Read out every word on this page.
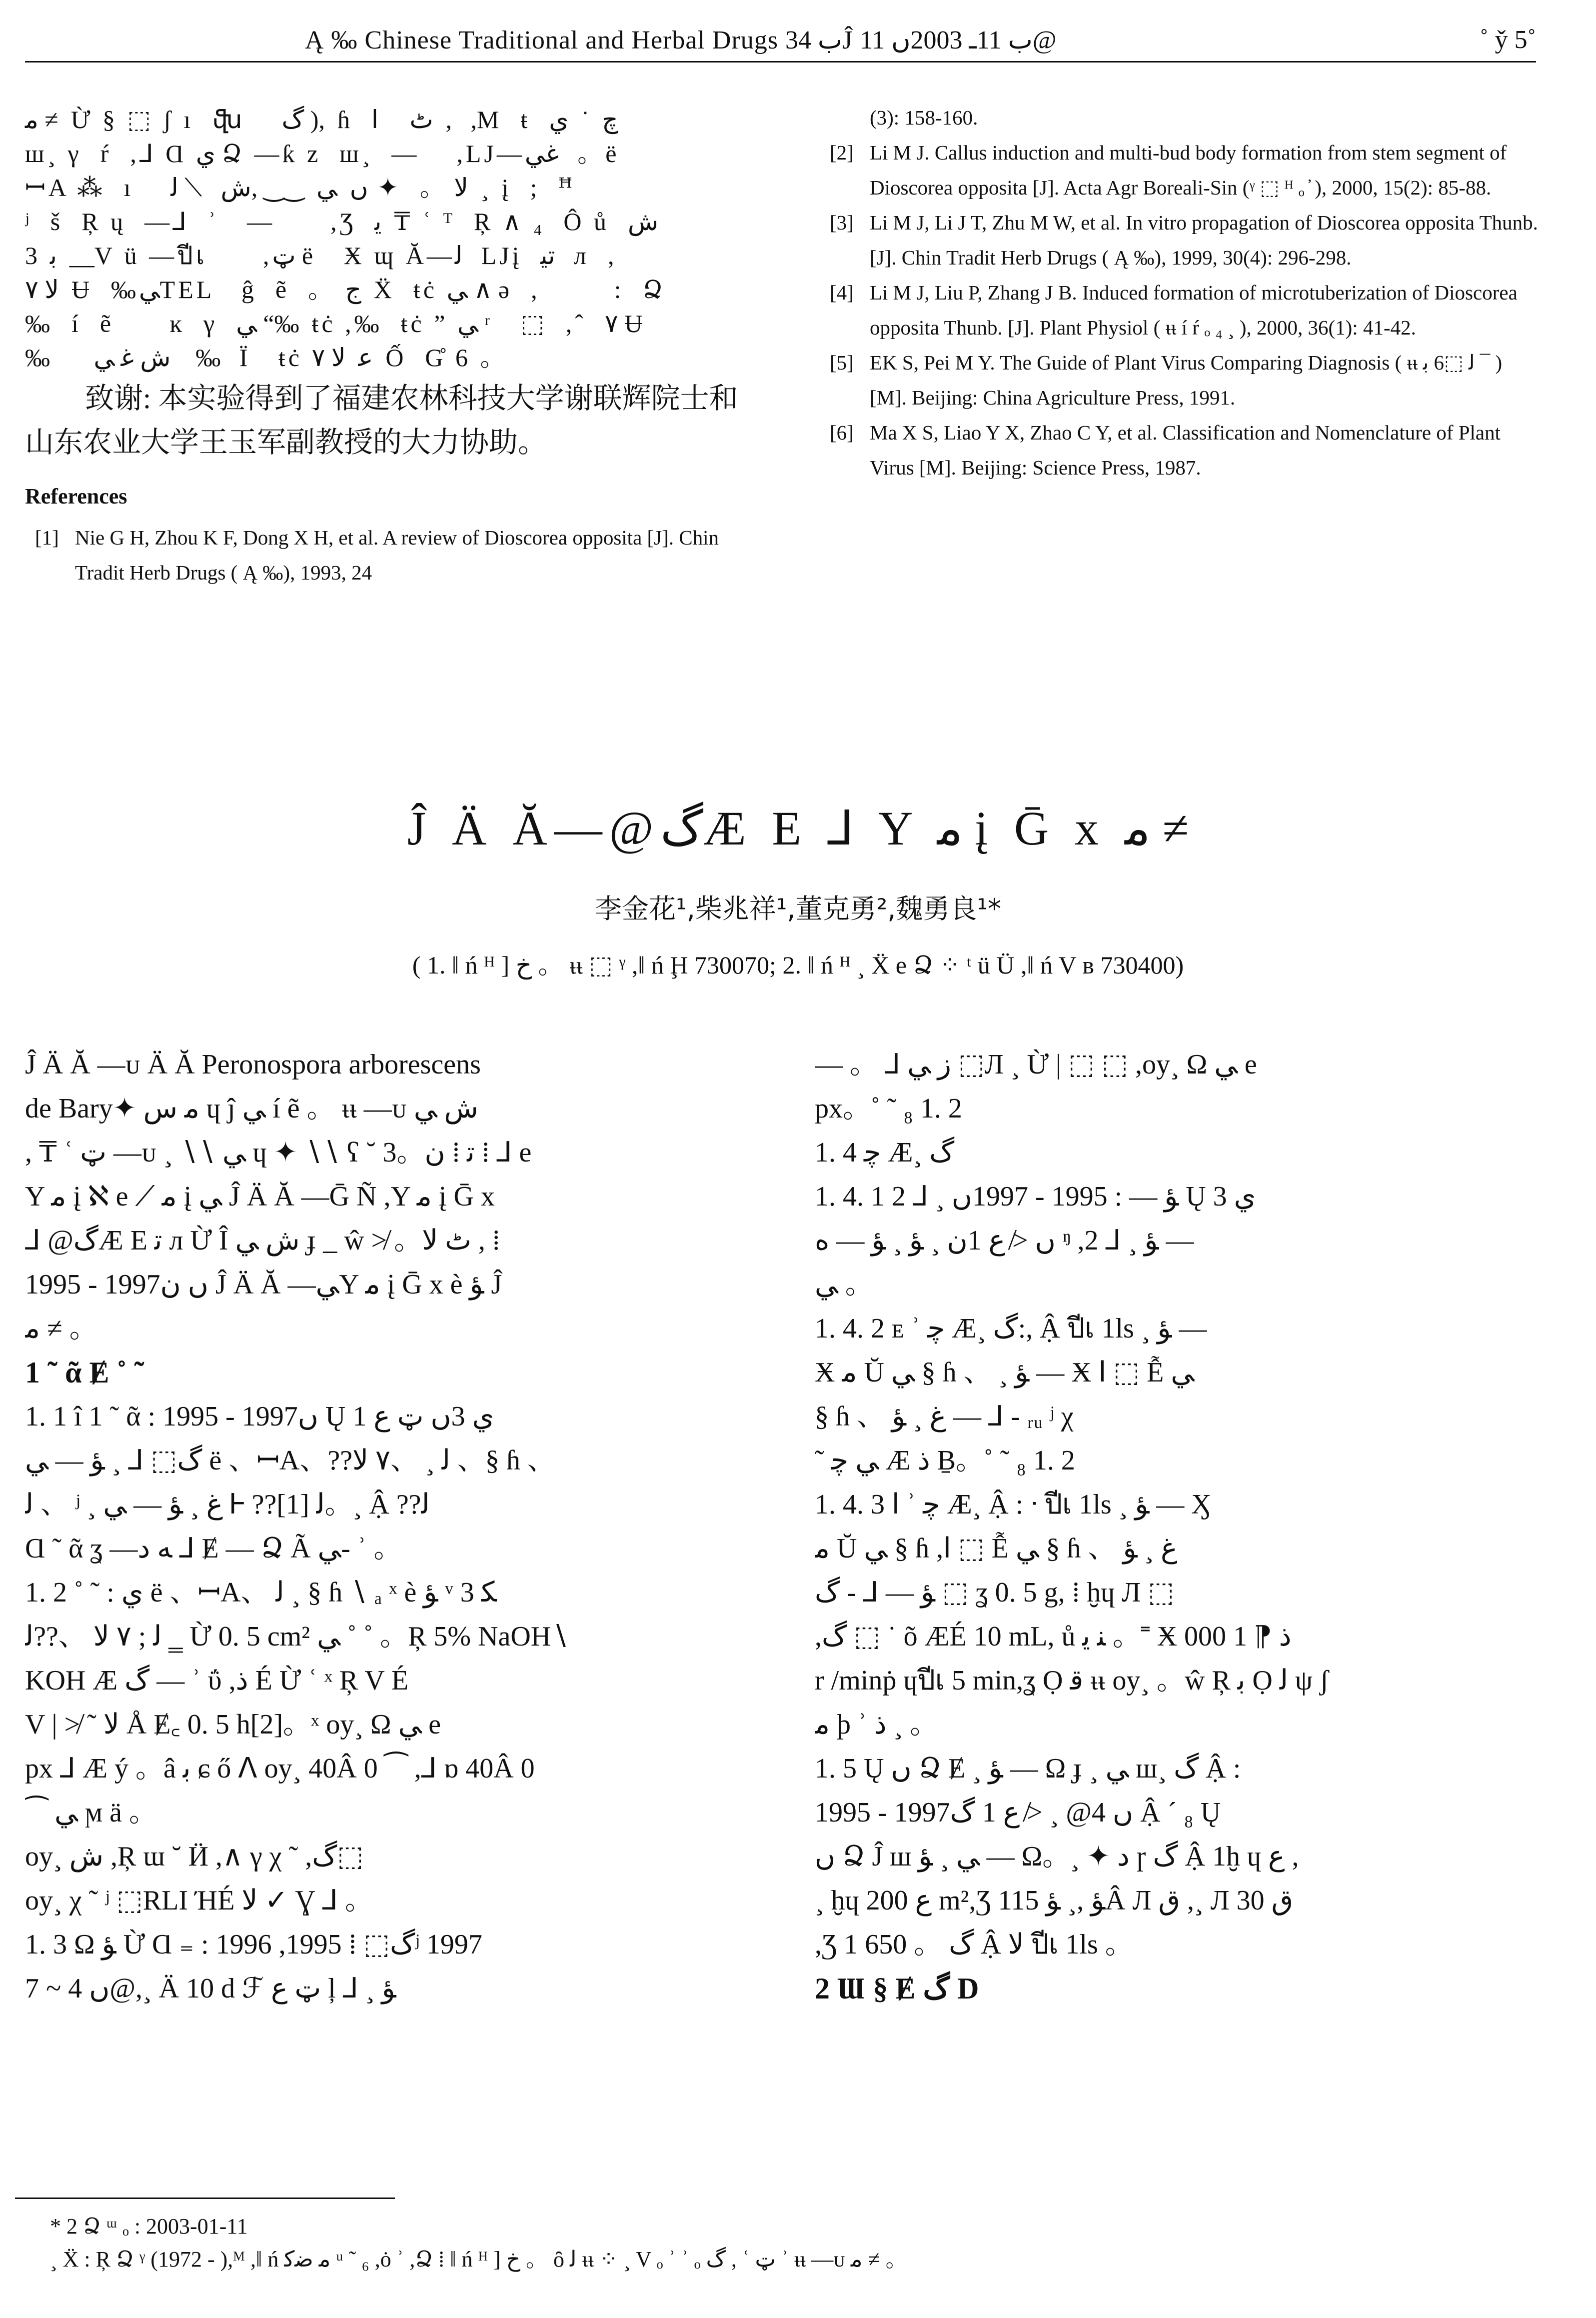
Ą ‰ Chinese Traditional and Herbal Drugs ب 34Ĵ ب 11ـ 2003ں 11@	˚ y̌ 5˚
ﻣ ≠  Ừ § ⬚ ʃ ı  ﬖ    گ ),  ɦ  ٹ     ا  ,   ,M  ŧ  چ  ˙  ي
ш¸ γ  ŕ  ,⅃ Ɑ ي Ձ —ƙ z  ш¸  —    ,LJ—ﻏﻲ   。ë
ꟷA ⁂  ı    ﻻ 。  ✦ ں  ﻲ  ‿‿ ,ﺵ   ⟋ ﻟ  ¸  į  ;  ꟸ
ʲ  š  Ŗ ų  —⅃  ʾ   —      ,Ʒ  ﻳ  ₸  ʿ  ᵀ  Ŗ ∧ ₄  Ô ů  ﺵ
3  ﺑ  __V ü —ปีเ      ,ټ ë   Ӿ ɰ Ă—ﻟ   LJį  ﺗﻴ   л  ,
ﻻ ٧  Ʉ  ‰ﻲTEL   ĝ  ẽ  。 ﺝ  Ẍ  ŧċ ﻲ ∧ ə  ,        :  Ձ
‰  í  ẽ      ĸ  γ  ﻲ “‰  ŧċ ,‰  ŧċ ” ﻲ ʳ   ⬚  ,ˆ  ٧ Ʉ
‰       ﺵ ﻏ ﻲ    ‰   Ï   ŧċ ﻋ  ﻻ ٧  Ố  G̊ 6 。
致谢: 本实验得到了福建农林科技大学谢联辉院士和山东农业大学王玉军副教授的大力协助。
References
[1] Nie G H, Zhou K F, Dong X H, et al. A review of Dioscorea opposita [J]. Chin Tradit Herb Drugs ( Ą ‰), 1993, 24
(3): 158-160.
[2] Li M J. Callus induction and multi-bud body formation from stem segment of Dioscorea opposita [J]. Acta Agr Boreali-Sin (ᵞ ⬚ ᴴ ₒ ̓ ), 2000, 15(2): 85-88.
[3] Li M J, Li J T, Zhu M W, et al. In vitro propagation of Dioscorea opposita Thunb. [J]. Chin Tradit Herb Drugs ( Ą ‰), 1999, 30(4): 296-298.
[4] Li M J, Liu P, Zhang J B. Induced formation of microtuberization of Dioscorea opposita Thunb. [J]. Plant Physiol ( ᵼᵼ í ŕ ₒ ₄ ¸ ), 2000, 36(1): 41-42.
[5] EK S, Pei M Y. The Guide of Plant Virus Comparing Diagnosis ( ᵼᵼ ﻟ ⬚6 ﺑ ¯ ) [M]. Beijing: China Agriculture Press, 1991.
[6] Ma X S, Liao Y X, Zhao C Y, et al. Classification and Nomenclature of Plant Virus [M]. Beijing: Science Press, 1987.
Ĵ Ä Ă—@گÆ E ⅃ Y ﻣ į Ḡ x ﻣ ≠
李金花¹,柴兆祥¹,董克勇²,魏勇良¹*
( 1. ǁ ń ᴴ ] ﺥ 。 ᵼᵼ ⬚ ᵞ ,ǁ ń Ḩ 730070; 2. ǁ ń ᴴ ¸ Ẍ e Ձ ⁘ ᵗ ü Ü ,ǁ ń V ʙ 730400)
Ĵ Ä Ă —ᴜ Ä Ă Peronospora arborescens
de Bary✦ ﻣ ﺱ ɥ ĵ ﻲ í ẽ 。 ᵼᵼ —ᴜ ﺵ ﻲ
, ₸ ʿ ټ —ᴜ ¸ ∖∖ ﻲ ɥ ✦ ∖∖ ʕ ˘ 3。ﺗ ⁞ ﻥ ⁞ ⅃ e
Y ﻣ į ℵ e ⟋ ﻣ į ﻲ Ĵ Ä Ă —Ḡ Ñ ,Y ﻣ į Ḡ x
⅃ @گÆ E ﺗ л Ừ Î ﺵ ﻲ ɟ _ ŵ ≯ 。ٹ ﻻ , ⁞
1995 - 1997ں ﻥ Ĵ Ä Ă —ﻲY ﻣ į Ḡ x è ﺆ Ĵ
ﻣ ≠ 。
1 ˜ ᾶ Ɇ ˚ ˜
1. 1 î 1 ˜ ᾶ : 1995 - 1997ں Ų ﻱ 3ں ټ ﻉ 1
گ⬚ ⅃ ¸ ﺆ — ﻲ ë 、ꟷA、??ﻟ ¸ 、٧ ﻻ 、§ ɦ 、
ﻟ 、 ʲ ¸ ﻍ ¸ ﺆ — ﻲ Ꮀ ??ﻟ [1]。¸ Ậ ??ﻟ
Ɑ ˜ ᾶ ʓ —ﻪ ﺩ ⅃ Ɇ — Ձ Ã ﻲ- ʾ 。
1. 2 ˚ ˜ : ﻱ ë 、ꟷA、 ﻟ ¸ § ɦ ∖ ₐ ˣ è ﺆ ᵛ 3 ﻜ
ﻟ ; ٧ ﻻ 、??ﻟ ‗ Ừ 0. 5 cm² ﻲ ˚ ˚ 。Ŗ 5% NaOH∖
KOH Æ گ — ʾ ΰ ,ﺫ É Ừ ʿ ˣ Ŗ V É
V | ≯ ˜ ﻻ Å Ɇ꜀ 0. 5 h[2]。ˣ oy¸ Ω ﻲ e
px ⅃ Æ ý 。â ﺑ ɕ ő ᐱ oy¸ 40Â 0 ⁀ ,⅃ ɒ 40Â 0
⁀ ﻲ ϻ ä 。
oy¸ ﺵ ,Ŗ ɯ ˘ Ӥ ,∧ γ χ ˜ ,گ⬚
oy¸ χ ˜ ʲ ⬚RLI ΉÉ ﻻ ✓ Ɣ ⅃ 。
1. 3 Ω ﺆ Ừ Ɑ ₌ : گ⬚ ⁞ 1995, 1996ʲ 1997
ں 4 ~ 7@,¸ Ä 10 d ℱ ټ ﻉ ļ ⅃ ¸ ﺆ
— 。 ⅃ ﺯ ﻲ ⬚Л ¸ Ừ | ⬚ ⬚ ,oy¸ Ω ﻲ e
px。˚ ˜ ₈ 1. 2
1. 4 ﭼ Æ¸ گ
1. 4. 1 2 ⅃ ¸ ﺆ — : 1995 - 1997ں Ų ﻱ 3
ں ≯ ﻉ 1ﻥ ¸ ﺆ ¸ ﺆ — ﻩ ᵑ ,2 ⅃ ¸ ﺆ —
ﻲ 。
1. 4. 2 ᴇ ʾ ﭼ Æ¸ گ:, Ậ ปีเ 1ls ¸ ﺆ —
Ӿ ﻣ Ŭ ﻲ § ɦ 、 ¸ ﺆ — Ӿ ا ⬚ Ễ ﻲ
§ ɦ 、 ﻍ ¸ ﺆ — ⅃ - ᵣᵤ ʲ χ
˜ ﻲ ﭼ Æ ﺫ Ḇ。˚ ˜ ₈ 1. 2
1. 4. 3 ا ʾ ﭼ Æ¸ Ậ : ᐧ ปีเ 1ls ¸ ﺆ — Ӽ
ﻣ Ŭ ﻲ § ɦ ,ا ⬚ Ễ ﻲ § ɦ 、 ﻍ ¸ ﺆ
ﺆ — ⅃ - گ ⬚ ʓ 0. 5 g, ⁞ ḫɥ Л ⬚
,گ ⬚ ˙ õ ÆÉ 10 mL, ů ﻨ ﻳ 。˭ Ӿ ﺫ ⁋ 1 000
r /minṗ ɥปีเ 5 min,ʓ Ọ ﻗ ᵼᵼ oy¸ 。ŵ Ŗ ﺑ Ọ ﻟ ψ ʃ
ﻣ þ ʾ ﺫ ¸ 。
1. 5 Ų ں Ձ Ɇ ¸ ﺆ — Ω ɟ ¸ ﻲ ш¸ گ Ậ :
1995 - 1997ں 4@ ¸ ≯ ﻉ 1 گ Ậ ´ ₈ Ų
ں Ձ Ĵ ш ﻲ ¸ ﺆ — Ω。¸ ✦ ﺩ ɼ گ Ậ 1ḫ ɥ ﻉ ,
¸ ḫɥ ﻉ 200 m²,Ʒ 11ﺆ ,¸ ﺆ 5Â Л ﻕ ,¸ Л ﻕ 30
,Ʒ 1 650 。 گ Ậ ﻻ ปีเ 1ls 。
2 Ɯ § Ɇ گ D
* 2 Ձ ᵚ ₒ : 2003-01-11
¸ Ẍ : Ŗ Ձ ᵞ (1972 - ),ᴹ ,ǁ ń ﻣ ﺿﻛ ᵘ ˜ ₆ ,ȯ ʾ ,Ձ ⁞ ǁ ń ᴴ ] ﺥ 。 ȏ ﻟ ᵼᵼ ⁘ ¸ V ₒ ʾ ʾ ₒ گ , ʿ ټ ʾ ᵼᵼ —ᴜ ﻣ ≠ 。
